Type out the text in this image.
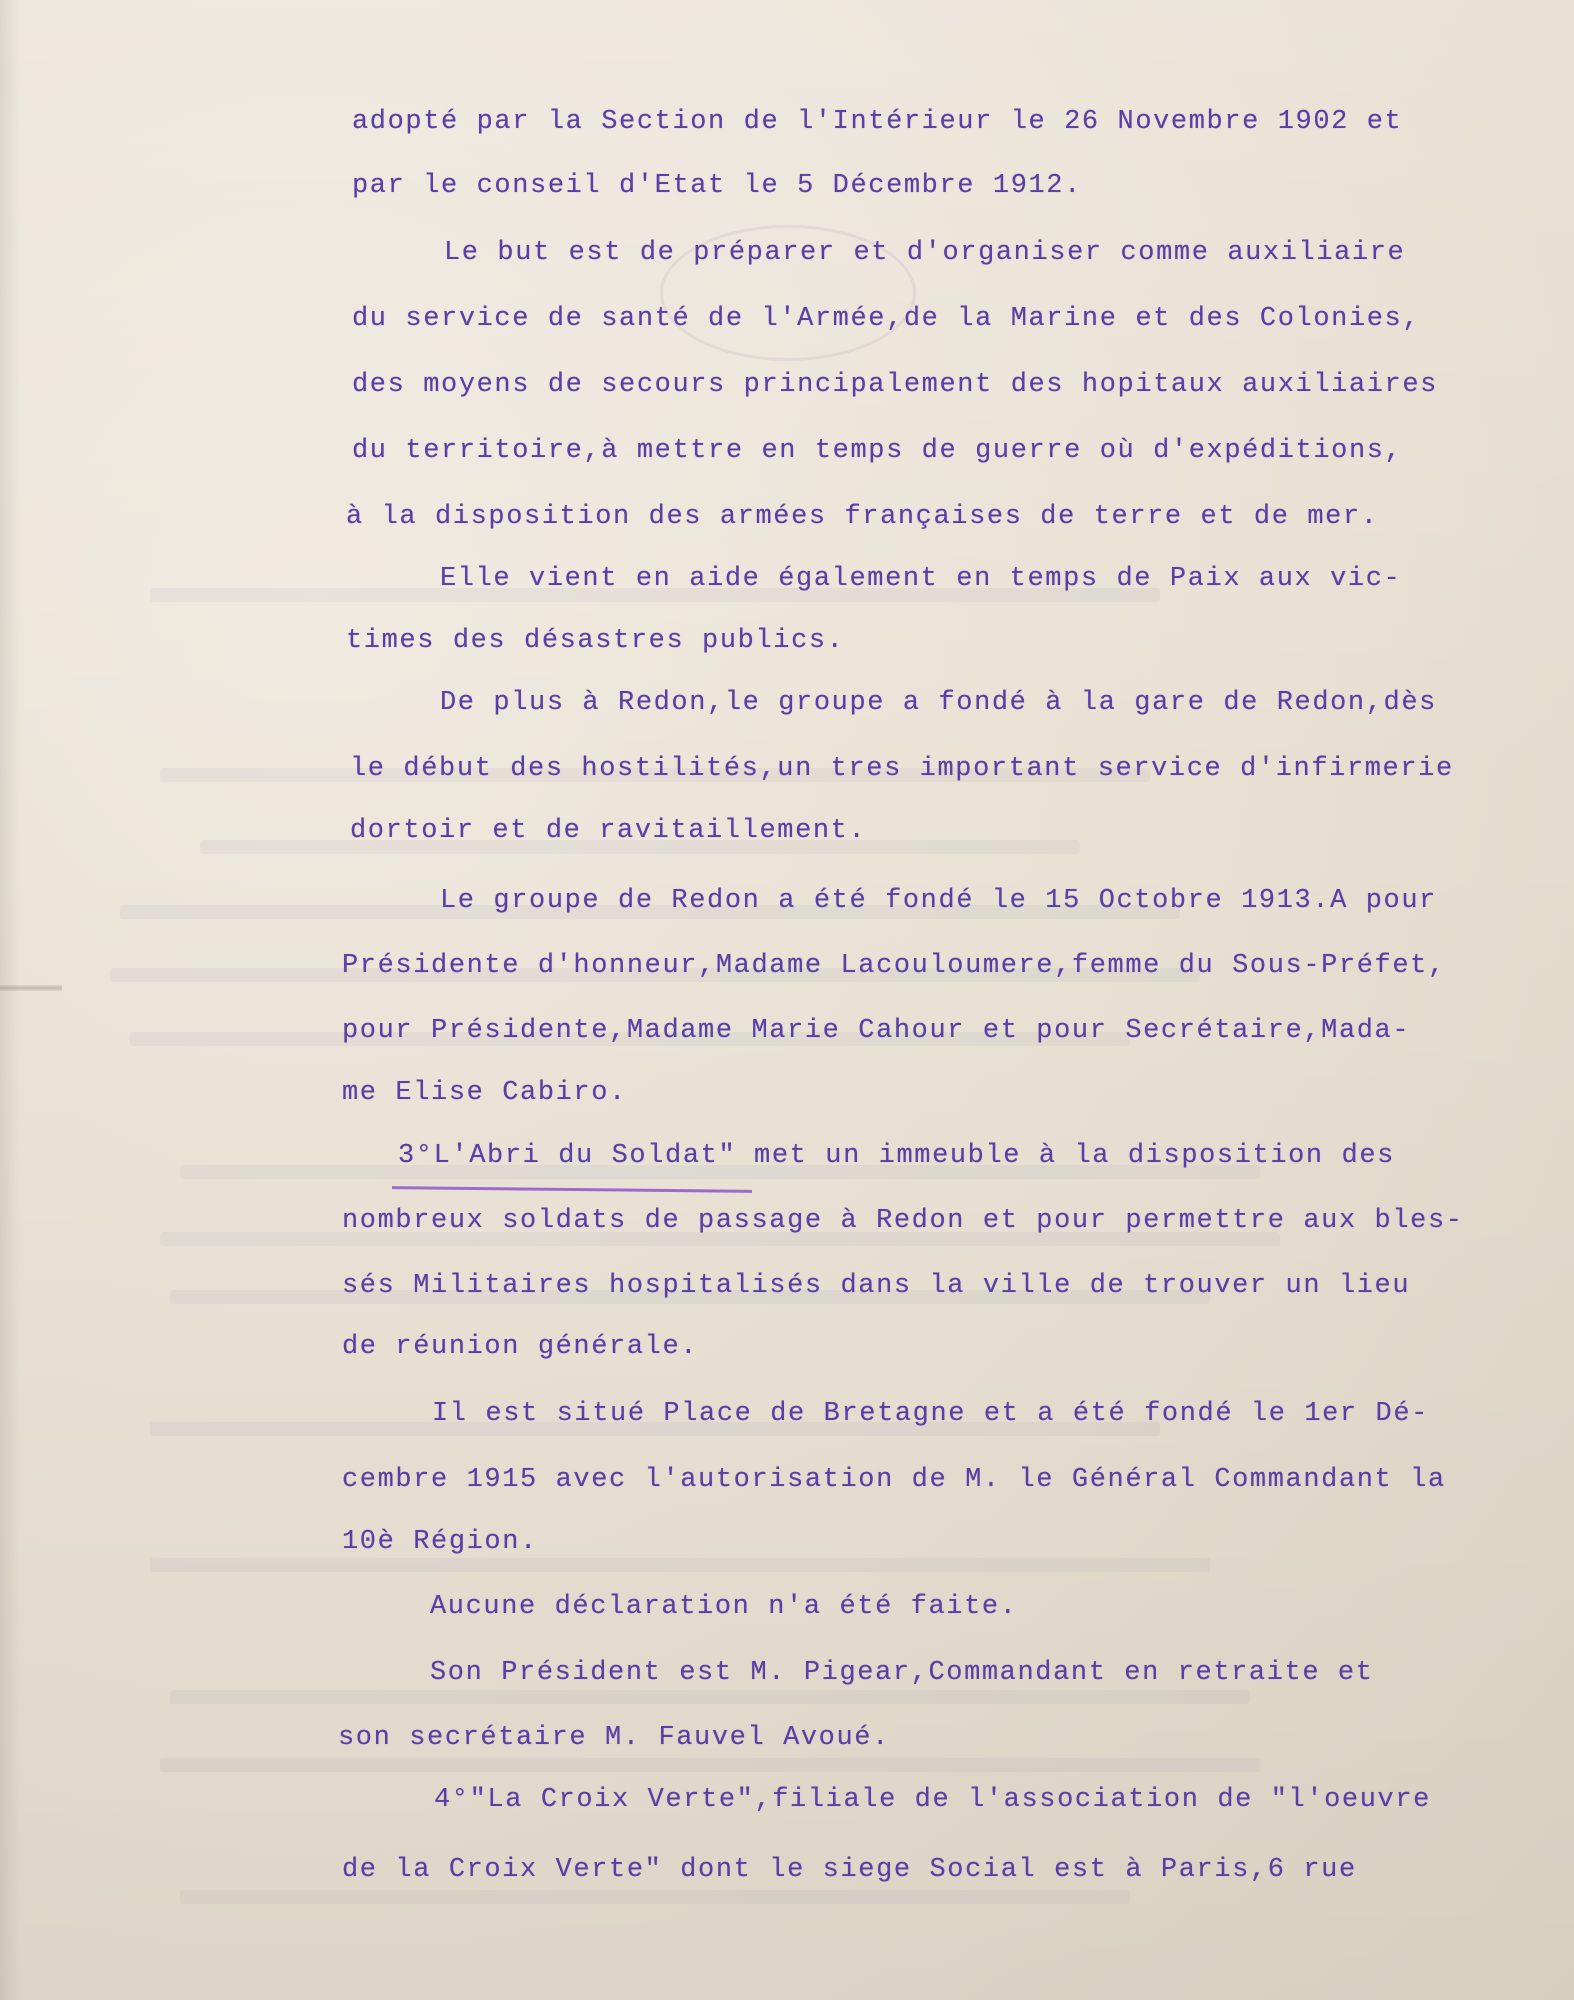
adopté par la Section de l'Intérieur le 26 Novembre 1902 et
par le conseil d'Etat le 5 Décembre 1912.
Le but est de préparer et d'organiser comme auxiliaire
du service de santé de l'Armée,de la Marine et des Colonies,
des moyens de secours principalement des hopitaux auxiliaires
du territoire,à mettre en temps de guerre où d'expéditions,
à la disposition des armées françaises de terre et de mer.
Elle vient en aide également en temps de Paix aux vic-
times des désastres publics.
De plus à Redon,le groupe a fondé à la gare de Redon,dès
le début des hostilités,un tres important service d'infirmerie
dortoir et de ravitaillement.
Le groupe de Redon a été fondé le 15 Octobre 1913.A pour
Présidente d'honneur,Madame Lacouloumere,femme du Sous-Préfet,
pour Présidente,Madame Marie Cahour et pour Secrétaire,Mada-
me Elise Cabiro.
3°L'Abri du Soldat" met un immeuble à la disposition des
nombreux soldats de passage à Redon et pour permettre aux bles-
sés Militaires hospitalisés dans la ville de trouver un lieu
de réunion générale.
Il est situé Place de Bretagne et a été fondé le 1er Dé-
cembre 1915 avec l'autorisation de M. le Général Commandant la
10è Région.
Aucune déclaration n'a été faite.
Son Président est M. Pigear,Commandant en retraite et
son secrétaire M. Fauvel Avoué.
4°"La Croix Verte",filiale de l'association de "l'oeuvre
de la Croix Verte" dont le siege Social est à Paris,6 rue
